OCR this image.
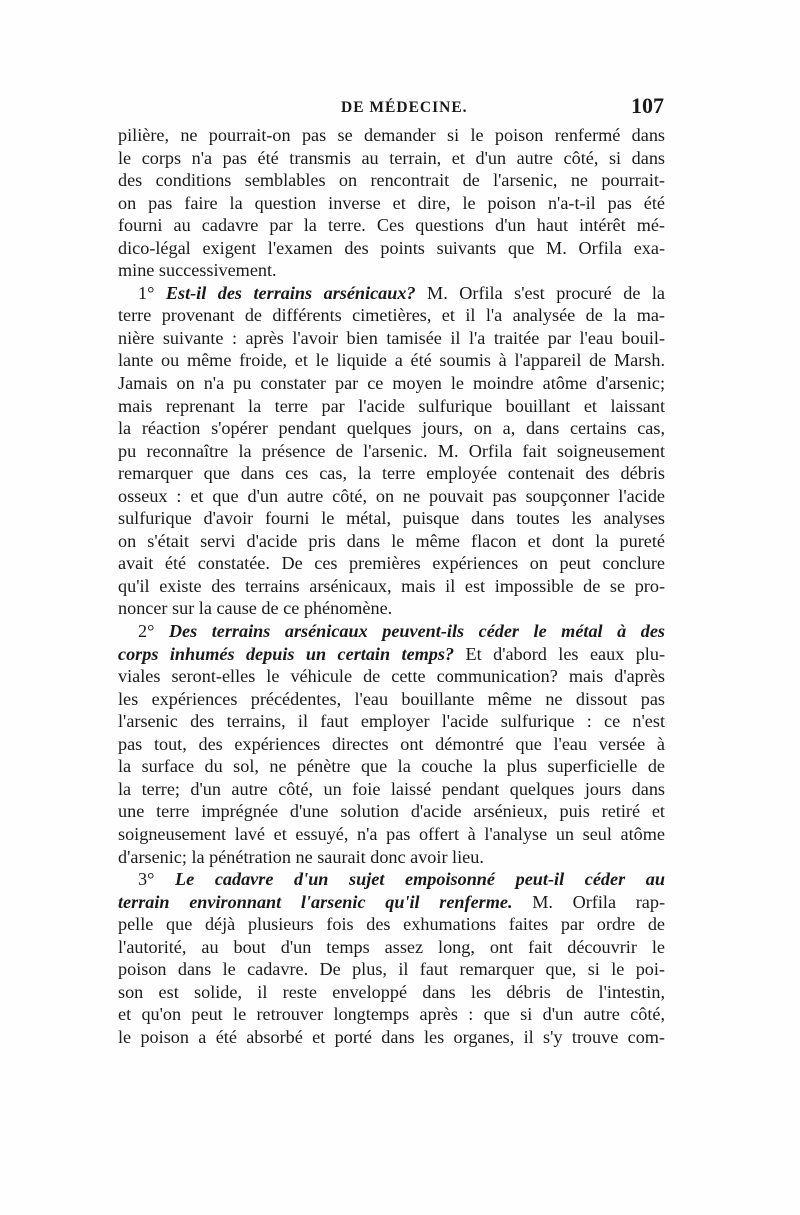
DE MÉDECINE.	107
pilière, ne pourrait-on pas se demander si le poison renfermé dans
le corps n'a pas été transmis au terrain, et d'un autre côté, si dans
des conditions semblables on rencontrait de l'arsenic, ne pourrait-
on pas faire la question inverse et dire, le poison n'a-t-il pas été
fourni au cadavre par la terre. Ces questions d'un haut intérêt mé-
dico-légal exigent l'examen des points suivants que M. Orfila exa-
mine successivement.
1° Est-il des terrains arsénicaux? M. Orfila s'est procuré de la
terre provenant de différents cimetières, et il l'a analysée de la ma-
nière suivante : après l'avoir bien tamisée il l'a traitée par l'eau bouil-
lante ou même froide, et le liquide a été soumis à l'appareil de Marsh.
Jamais on n'a pu constater par ce moyen le moindre atôme d'arsenic;
mais reprenant la terre par l'acide sulfurique bouillant et laissant
la réaction s'opérer pendant quelques jours, on a, dans certains cas,
pu reconnaître la présence de l'arsenic. M. Orfila fait soigneusement
remarquer que dans ces cas, la terre employée contenait des débris
osseux : et que d'un autre côté, on ne pouvait pas soupçonner l'acide
sulfurique d'avoir fourni le métal, puisque dans toutes les analyses
on s'était servi d'acide pris dans le même flacon et dont la pureté
avait été constatée. De ces premières expériences on peut conclure
qu'il existe des terrains arsénicaux, mais il est impossible de se pro-
noncer sur la cause de ce phénomène.
2° Des terrains arsénicaux peuvent-ils céder le métal à des
corps inhumés depuis un certain temps? Et d'abord les eaux plu-
viales seront-elles le véhicule de cette communication? mais d'après
les expériences précédentes, l'eau bouillante même ne dissout pas
l'arsenic des terrains, il faut employer l'acide sulfurique : ce n'est
pas tout, des expériences directes ont démontré que l'eau versée à
la surface du sol, ne pénètre que la couche la plus superficielle de
la terre; d'un autre côté, un foie laissé pendant quelques jours dans
une terre imprégnée d'une solution d'acide arsénieux, puis retiré et
soigneusement lavé et essuyé, n'a pas offert à l'analyse un seul atôme
d'arsenic; la pénétration ne saurait donc avoir lieu.
3° Le cadavre d'un sujet empoisonné peut-il céder au
terrain environnant l'arsenic qu'il renferme. M. Orfila rap-
pelle que déjà plusieurs fois des exhumations faites par ordre de
l'autorité, au bout d'un temps assez long, ont fait découvrir le
poison dans le cadavre. De plus, il faut remarquer que, si le poi-
son est solide, il reste enveloppé dans les débris de l'intestin,
et qu'on peut le retrouver longtemps après : que si d'un autre côté,
le poison a été absorbé et porté dans les organes, il s'y trouve com-
